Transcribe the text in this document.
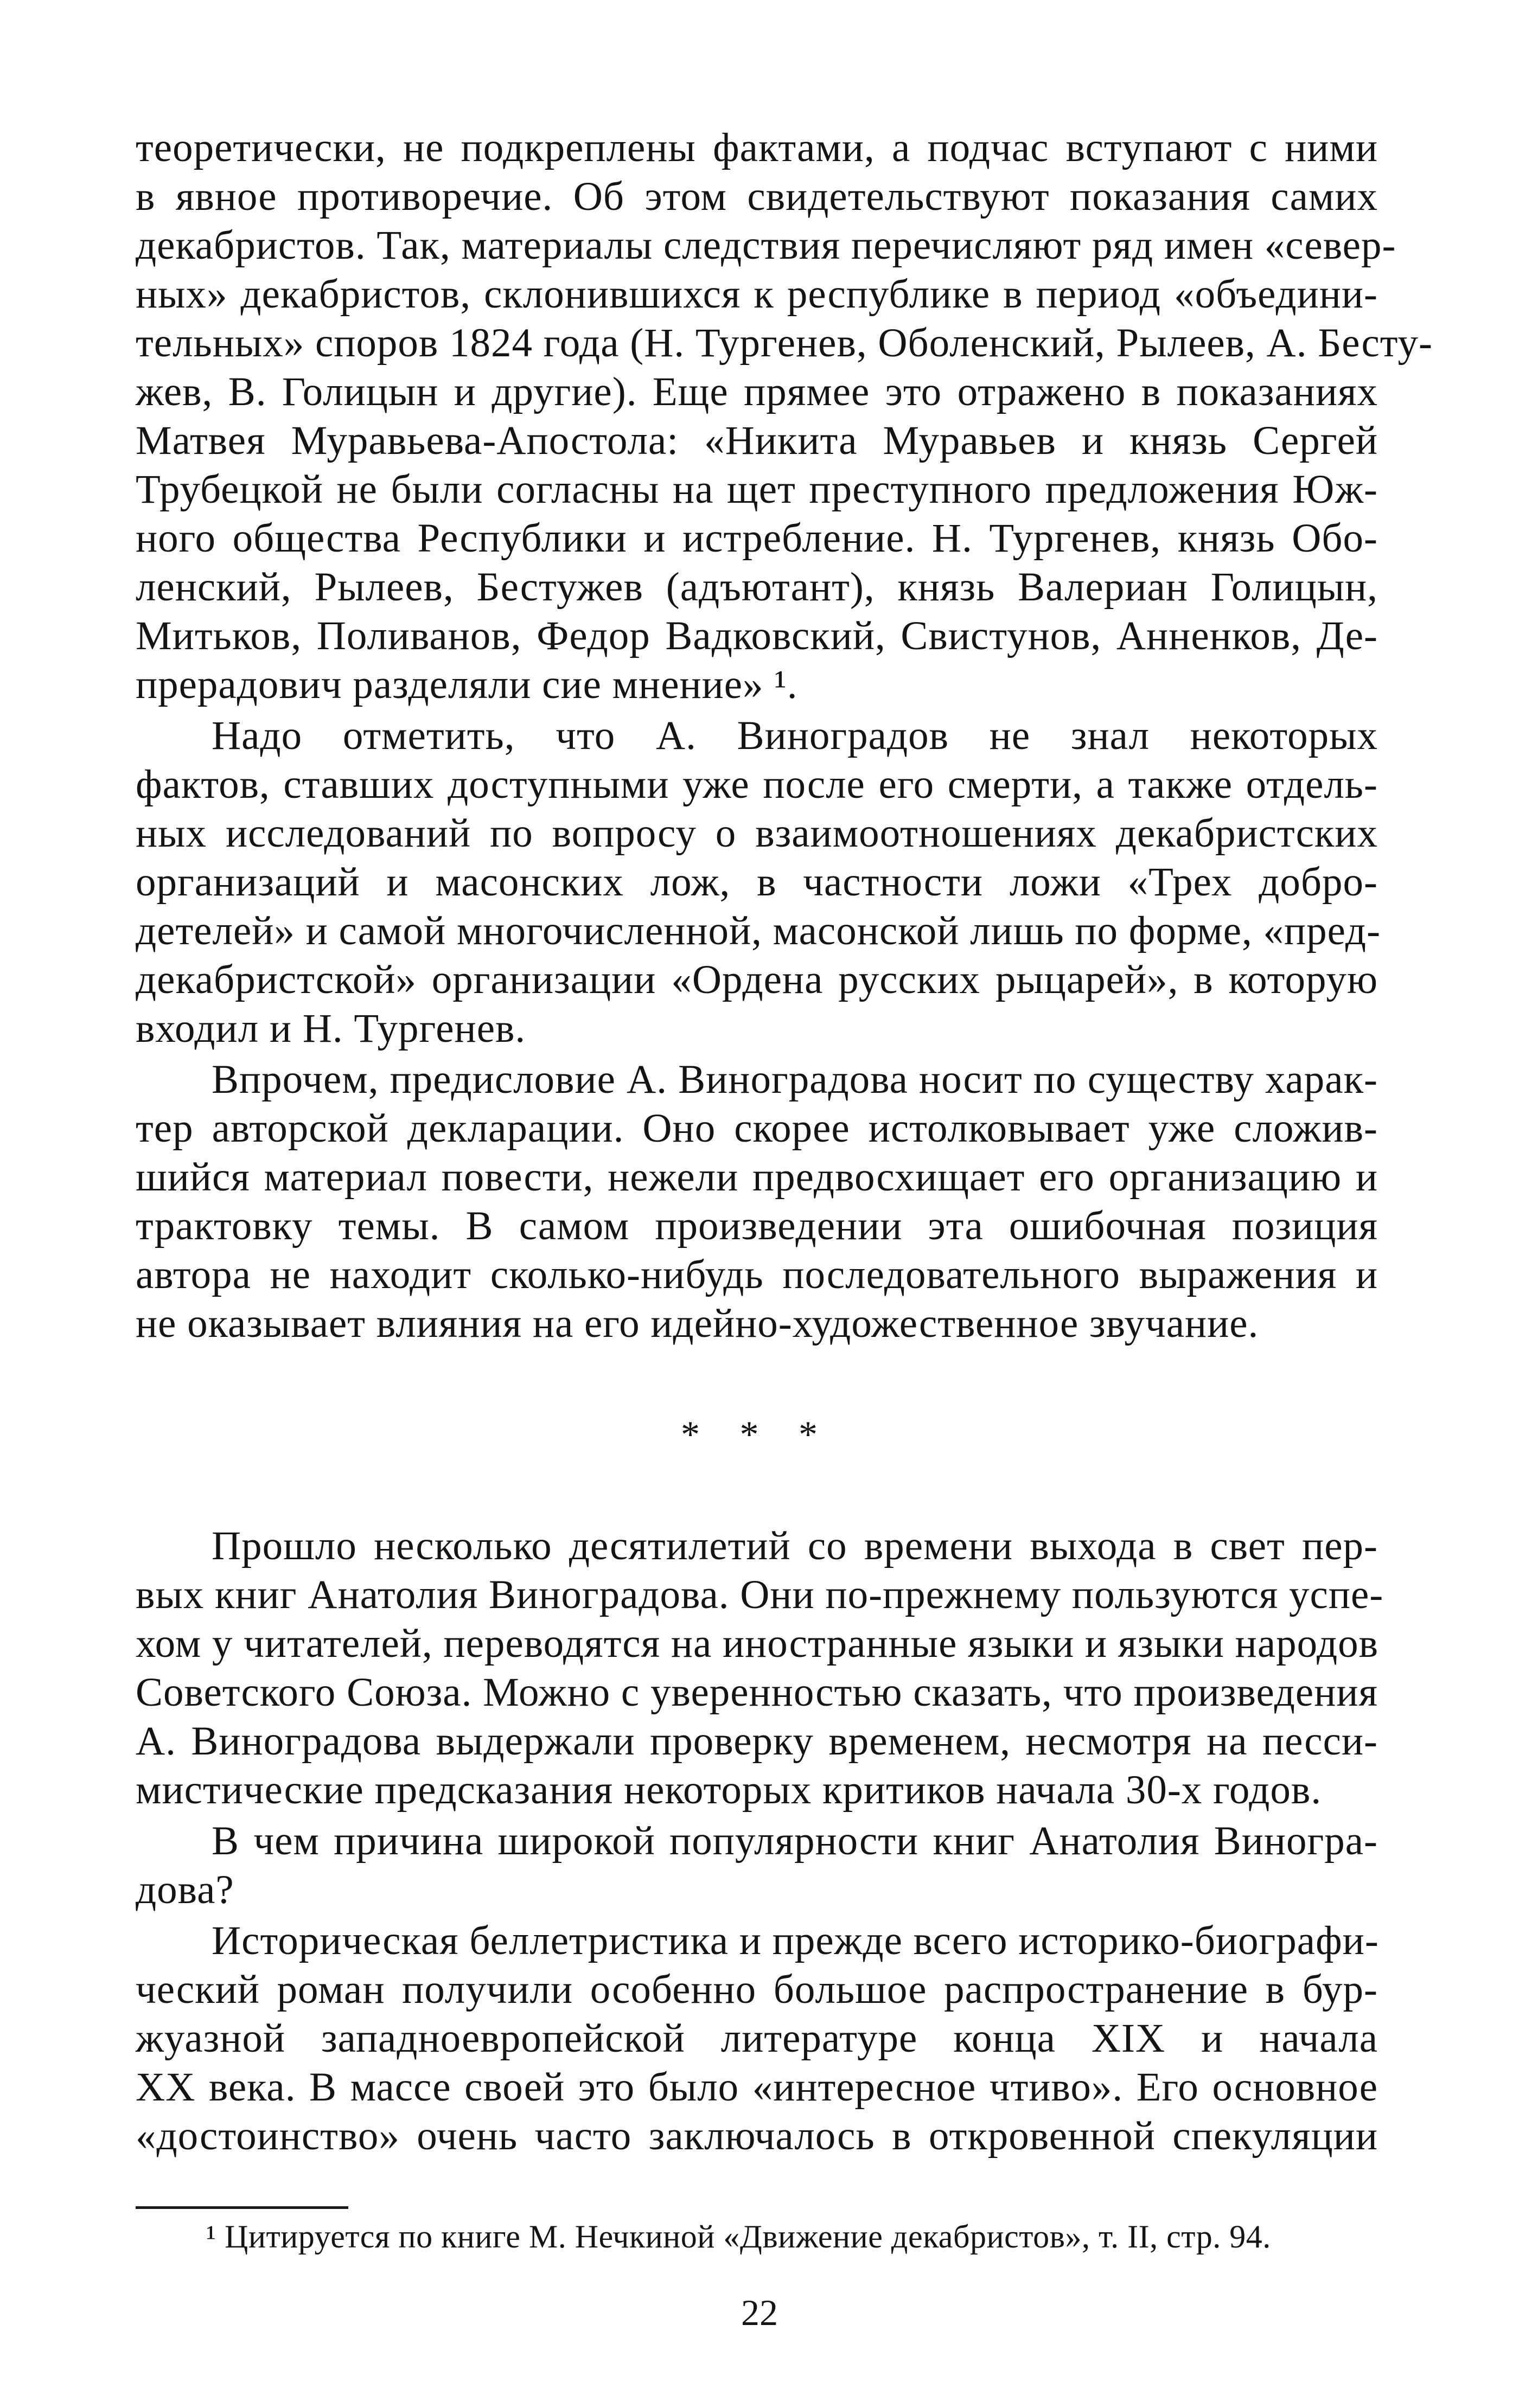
теоретически, не подкреплены фактами, а подчас вступают с ними
в явное противоречие. Об этом свидетельствуют показания самих
декабристов. Так, материалы следствия перечисляют ряд имен «север-
ных» декабристов, склонившихся к республике в период «объедини-
тельных» споров 1824 года (Н. Тургенев, Оболенский, Рылеев, А. Бесту-
жев, В. Голицын и другие). Еще прямее это отражено в показаниях
Матвея Муравьева-Апостола: «Никита Муравьев и князь Сергей
Трубецкой не были согласны на щет преступного предложения Юж-
ного общества Республики и истребление. Н. Тургенев, князь Обо-
ленский, Рылеев, Бестужев (адъютант), князь Валериан Голицын,
Митьков, Поливанов, Федор Вадковский, Свистунов, Анненков, Де-
прерадович разделяли сие мнение» ¹.
Надо отметить, что А. Виноградов не знал некоторых
фактов, ставших доступными уже после его смерти, а также отдель-
ных исследований по вопросу о взаимоотношениях декабристских
организаций и масонских лож, в частности ложи «Трех добро-
детелей» и самой многочисленной, масонской лишь по форме, «пред-
декабристской» организации «Ордена русских рыцарей», в которую
входил и Н. Тургенев.
Впрочем, предисловие А. Виноградова носит по существу харак-
тер авторской декларации. Оно скорее истолковывает уже сложив-
шийся материал повести, нежели предвосхищает его организацию и
трактовку темы. В самом произведении эта ошибочная позиция
автора не находит сколько-нибудь последовательного выражения и
не оказывает влияния на его идейно-художественное звучание.
* * *
Прошло несколько десятилетий со времени выхода в свет пер-
вых книг Анатолия Виноградова. Они по-прежнему пользуются успе-
хом у читателей, переводятся на иностранные языки и языки народов
Советского Союза. Можно с уверенностью сказать, что произведения
А. Виноградова выдержали проверку временем, несмотря на песси-
мистические предсказания некоторых критиков начала 30-х годов.
В чем причина широкой популярности книг Анатолия Виногра-
дова?
Историческая беллетристика и прежде всего историко-биографи-
ческий роман получили особенно большое распространение в бур-
жуазной западноевропейской литературе конца XIX и начала
XX века. В массе своей это было «интересное чтиво». Его основное
«достоинство» очень часто заключалось в откровенной спекуляции
¹ Цитируется по книге М. Нечкиной «Движение декабристов», т. II, стр. 94.
22
